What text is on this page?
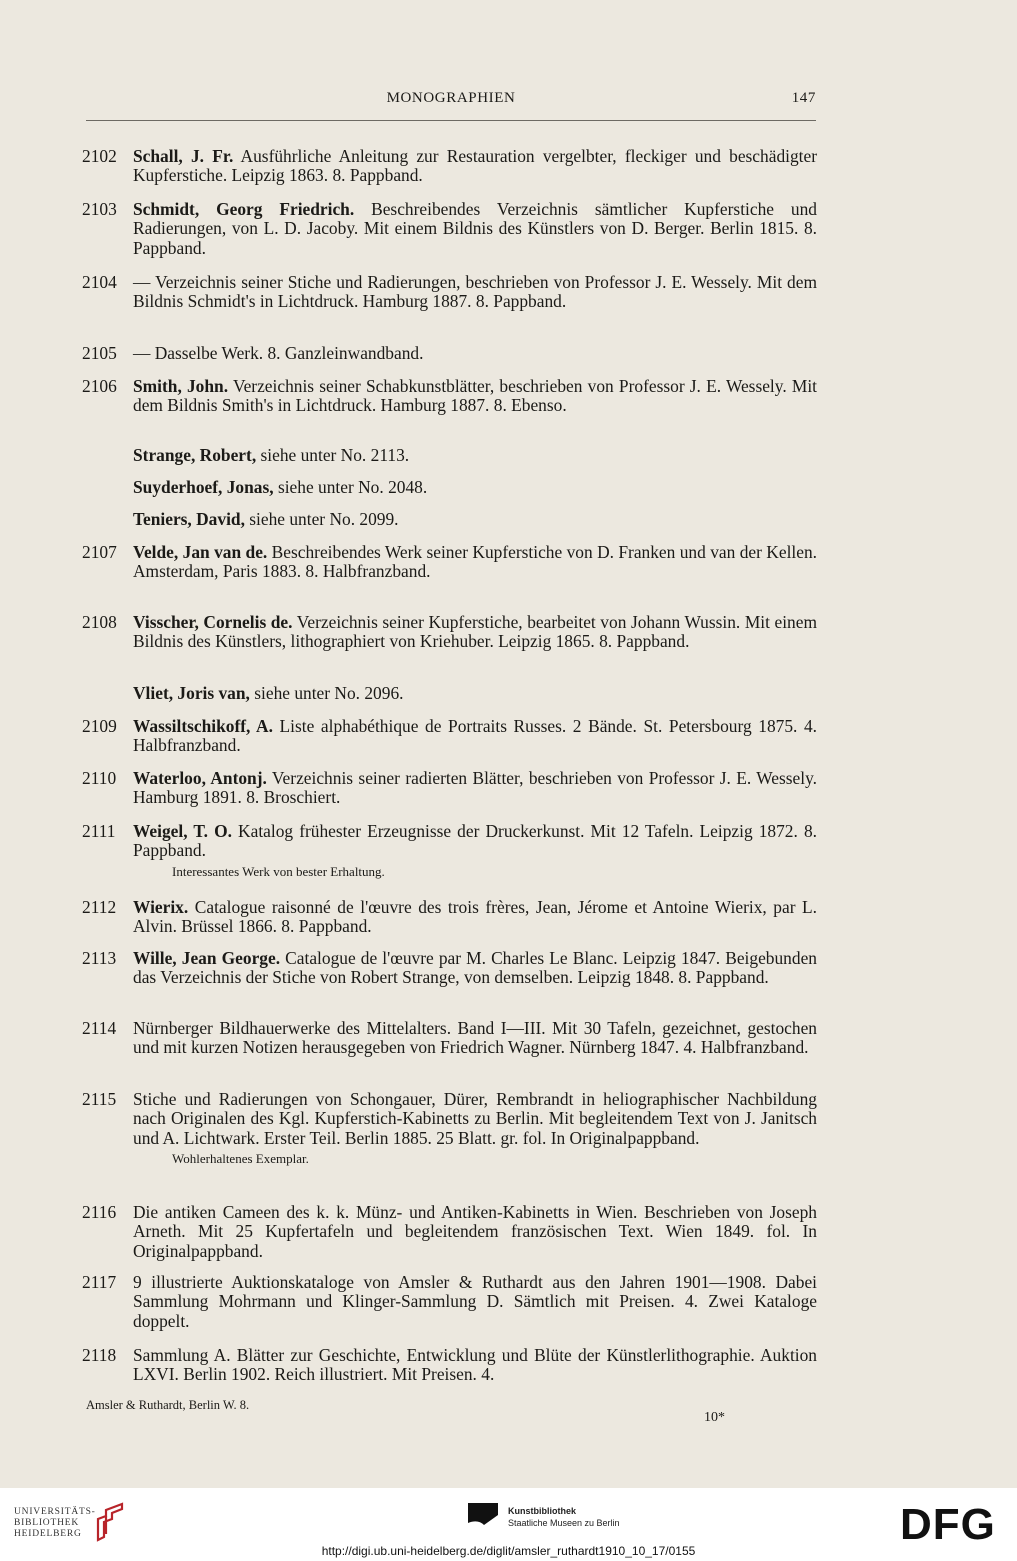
MONOGRAPHIEN	147
2102 Schall, J. Fr. Ausführliche Anleitung zur Restauration vergelbter, fleckiger und beschädigter Kupferstiche. Leipzig 1863. 8. Pappband.
2103 Schmidt, Georg Friedrich. Beschreibendes Verzeichnis sämtlicher Kupferstiche und Radierungen, von L. D. Jacoby. Mit einem Bildnis des Künstlers von D. Berger. Berlin 1815. 8. Pappband.
2104 — Verzeichnis seiner Stiche und Radierungen, beschrieben von Professor J. E. Wessely. Mit dem Bildnis Schmidt's in Lichtdruck. Hamburg 1887. 8. Pappband.
2105 — Dasselbe Werk. 8. Ganzleinwandband.
2106 Smith, John. Verzeichnis seiner Schabkunstblätter, beschrieben von Professor J. E. Wessely. Mit dem Bildnis Smith's in Lichtdruck. Hamburg 1887. 8. Ebenso.
Strange, Robert, siehe unter No. 2113.
Suyderhoef, Jonas, siehe unter No. 2048.
Teniers, David, siehe unter No. 2099.
2107 Velde, Jan van de. Beschreibendes Werk seiner Kupferstiche von D. Franken und van der Kellen. Amsterdam, Paris 1883. 8. Halbfranzband.
2108 Visscher, Cornelis de. Verzeichnis seiner Kupferstiche, bearbeitet von Johann Wussin. Mit einem Bildnis des Künstlers, lithographiert von Kriehuber. Leipzig 1865. 8. Pappband.
Vliet, Joris van, siehe unter No. 2096.
2109 Wassiltschikoff, A. Liste alphabéthique de Portraits Russes. 2 Bände. St. Petersbourg 1875. 4. Halbfranzband.
2110 Waterloo, Antonj. Verzeichnis seiner radierten Blätter, beschrieben von Professor J. E. Wessely. Hamburg 1891. 8. Broschiert.
2111	Weigel, T. O. Katalog frühester Erzeugnisse der Druckerkunst. Mit 12 Tafeln. Leipzig 1872. 8. Pappband.
Interessantes Werk von bester Erhaltung.
2112 Wierix. Catalogue raisonné de l'œuvre des trois frères, Jean, Jérome et Antoine Wierix, par L. Alvin. Brüssel 1866. 8. Pappband.
2113 Wille, Jean George. Catalogue de l'œuvre par M. Charles Le Blanc. Leipzig 1847. Beigebunden das Verzeichnis der Stiche von Robert Strange, von demselben. Leipzig 1848. 8. Pappband.
2114 Nürnberger Bildhauerwerke des Mittelalters. Band I—III. Mit 30 Tafeln, gezeichnet, gestochen und mit kurzen Notizen herausgegeben von Friedrich Wagner. Nürnberg 1847. 4. Halbfranzband.
2115 Stiche und Radierungen von Schongauer, Dürer, Rembrandt in heliographischer Nachbildung nach Originalen des Kgl. Kupferstich-Kabinetts zu Berlin. Mit begleitendem Text von J. Janitsch und A. Lichtwark. Erster Teil. Berlin 1885. 25 Blatt. gr. fol. In Originalpappband.
Wohlerhaltenes Exemplar.
2116 Die antiken Cameen des k. k. Münz- und Antiken-Kabinetts in Wien. Beschrieben von Joseph Arneth. Mit 25 Kupfertafeln und begleitendem französischen Text. Wien 1849. fol. In Originalpappband.
2117 9 illustrierte Auktionskataloge von Amsler & Ruthardt aus den Jahren 1901—1908. Dabei Sammlung Mohrmann und Klinger-Sammlung D. Sämtlich mit Preisen. 4. Zwei Kataloge doppelt.
2118 Sammlung A. Blätter zur Geschichte, Entwicklung und Blüte der Künstlerlithographie. Auktion LXVI. Berlin 1902. Reich illustriert. Mit Preisen. 4.
Amsler & Ruthardt, Berlin W. 8.
10*
UNIVERSITÄTS-
BIBLIOTHEK
HEIDELBERG
Kunstbibliothek
Staatliche Museen zu Berlin	DFG
http://digi.ub.uni-heidelberg.de/diglit/amsler_ruthardt1910_10_17/0155
